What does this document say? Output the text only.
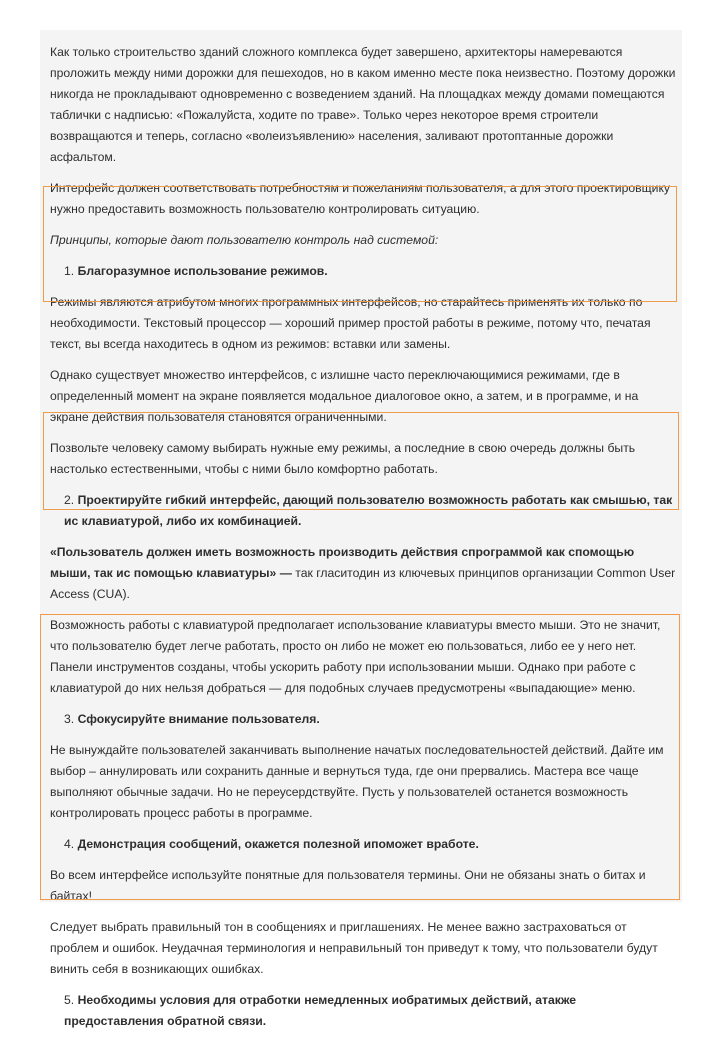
Как только строительство зданий сложного комплекса будет завершено, архитекторы намереваются проложить между ними дорожки для пешеходов, но в каком именно месте пока неизвестно. Поэтому дорожки никогда не прокладывают одновременно с возведением зданий. На площадках между домами помещаются таблички с надписью: «Пожалуйста, ходите по траве». Только через некоторое время строители возвращаются и теперь, согласно «волеизъявлению» населения, заливают протоптанные дорожки асфальтом.

Интерфейс должен соответствовать потребностям и пожеланиям пользователя, а для этого проектировщику нужно предоставить возможность пользователю контролировать ситуацию.

Принципы, которые дают пользователю контроль над системой:

1. Благоразумное использование режимов.

Режимы являются атрибутом многих программных интерфейсов, но старайтесь применять их только по необходимости. Текстовый процессор — хороший пример простой работы в режиме, потому что, печатая текст, вы всегда находитесь в одном из режимов: вставки или замены.

Однако существует множество интерфейсов, с излишне часто переключающимися режимами, где в определенный момент на экране появляется модальное диалоговое окно, а затем, и в программе, и на экране действия пользователя становятся ограниченными.

Позвольте человеку самому выбирать нужные ему режимы, а последние в свою очередь должны быть настолько естественными, чтобы с ними было комфортно работать.

2. Проектируйте гибкий интерфейс, дающий пользователю возможность работать как смышью, так ис клавиатурой, либо их комбинацией.

«Пользователь должен иметь возможность производить действия спрограммой как спомощью мыши, так ис помощью клавиатуры» — так гласитодин из ключевых принципов организации Common User Access (CUA).

Возможность работы с клавиатурой предполагает использование клавиатуры вместо мыши. Это не значит, что пользователю будет легче работать, просто он либо не может ею пользоваться, либо ее у него нет. Панели инструментов созданы, чтобы ускорить работу при использовании мыши. Однако при работе с клавиатурой до них нельзя добраться — для подобных случаев предусмотрены «выпадающие» меню.

3. Сфокусируйте внимание пользователя.

Не вынуждайте пользователей заканчивать выполнение начатых последовательностей действий. Дайте им выбор – аннулировать или сохранить данные и вернуться туда, где они прервались. Мастера все чаще выполняют обычные задачи. Но не переусердствуйте. Пусть у пользователей останется возможность контролировать процесс работы в программе.

4. Демонстрация сообщений, окажется полезной ипоможет вработе.

Во всем интерфейсе используйте понятные для пользователя термины. Они не обязаны знать о битах и байтах!

Следует выбрать правильный тон в сообщениях и приглашениях. Не менее важно застраховаться от проблем и ошибок. Неудачная терминология и неправильный тон приведут к тому, что пользователи будут винить себя в возникающих ошибках.

5. Необходимы условия для отработки немедленных иобратимых действий, атакже предоставления обратной связи.
